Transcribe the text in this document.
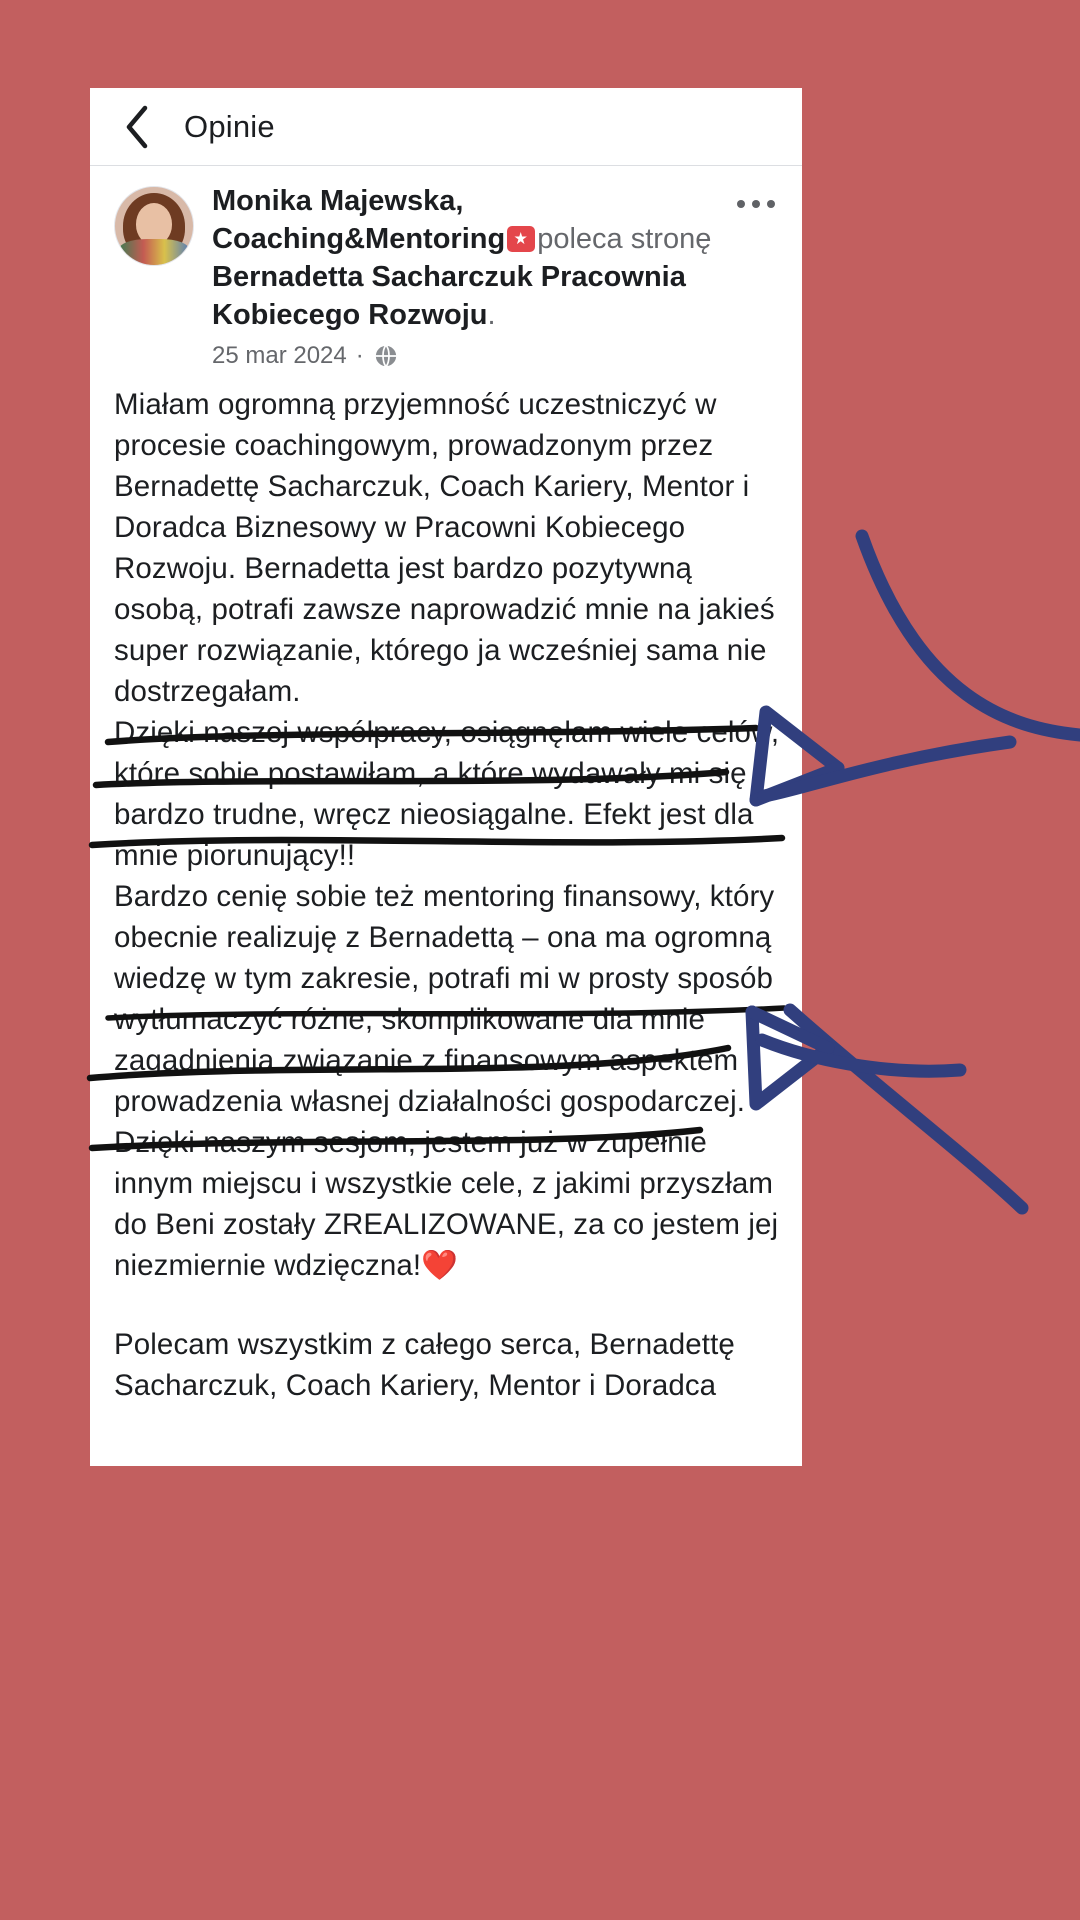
Opinie
Monika Majewska, Coaching&Mentoring poleca stronę Bernadetta Sacharczuk Pracownia Kobiecego Rozwoju.
25 mar 2024 ·

Miałam ogromną przyjemność uczestniczyć w procesie coachingowym, prowadzonym przez Bernadettę Sacharczuk, Coach Kariery, Mentor i Doradca Biznesowy w Pracowni Kobiecego Rozwoju. Bernadetta jest bardzo pozytywną osobą, potrafi zawsze naprowadzić mnie na jakieś super rozwiązanie, którego ja wcześniej sama nie dostrzegałam.

Dzięki naszej współpracy, osiągnęłam wiele celów, które sobie postawiłam, a które wydawały mi się bardzo trudne, wręcz nieosiągalne. Efekt jest dla mnie piorunujący!!

Bardzo cenię sobie też mentoring finansowy, który obecnie realizuję z Bernadettą – ona ma ogromną wiedzę w tym zakresie, potrafi mi w prosty sposób wytłumaczyć różne, skomplikowane dla mnie zagadnienia związanie z finansowym aspektem prowadzenia własnej działalności gospodarczej.

Dzięki naszym sesjom, jestem już w zupełnie innym miejscu i wszystkie cele, z jakimi przyszłam do Beni zostały ZREALIZOWANE, za co jestem jej niezmiernie wdzięczna!❤️

Polecam wszystkim z całego serca, Bernadettę Sacharczuk, Coach Kariery, Mentor i Doradca
